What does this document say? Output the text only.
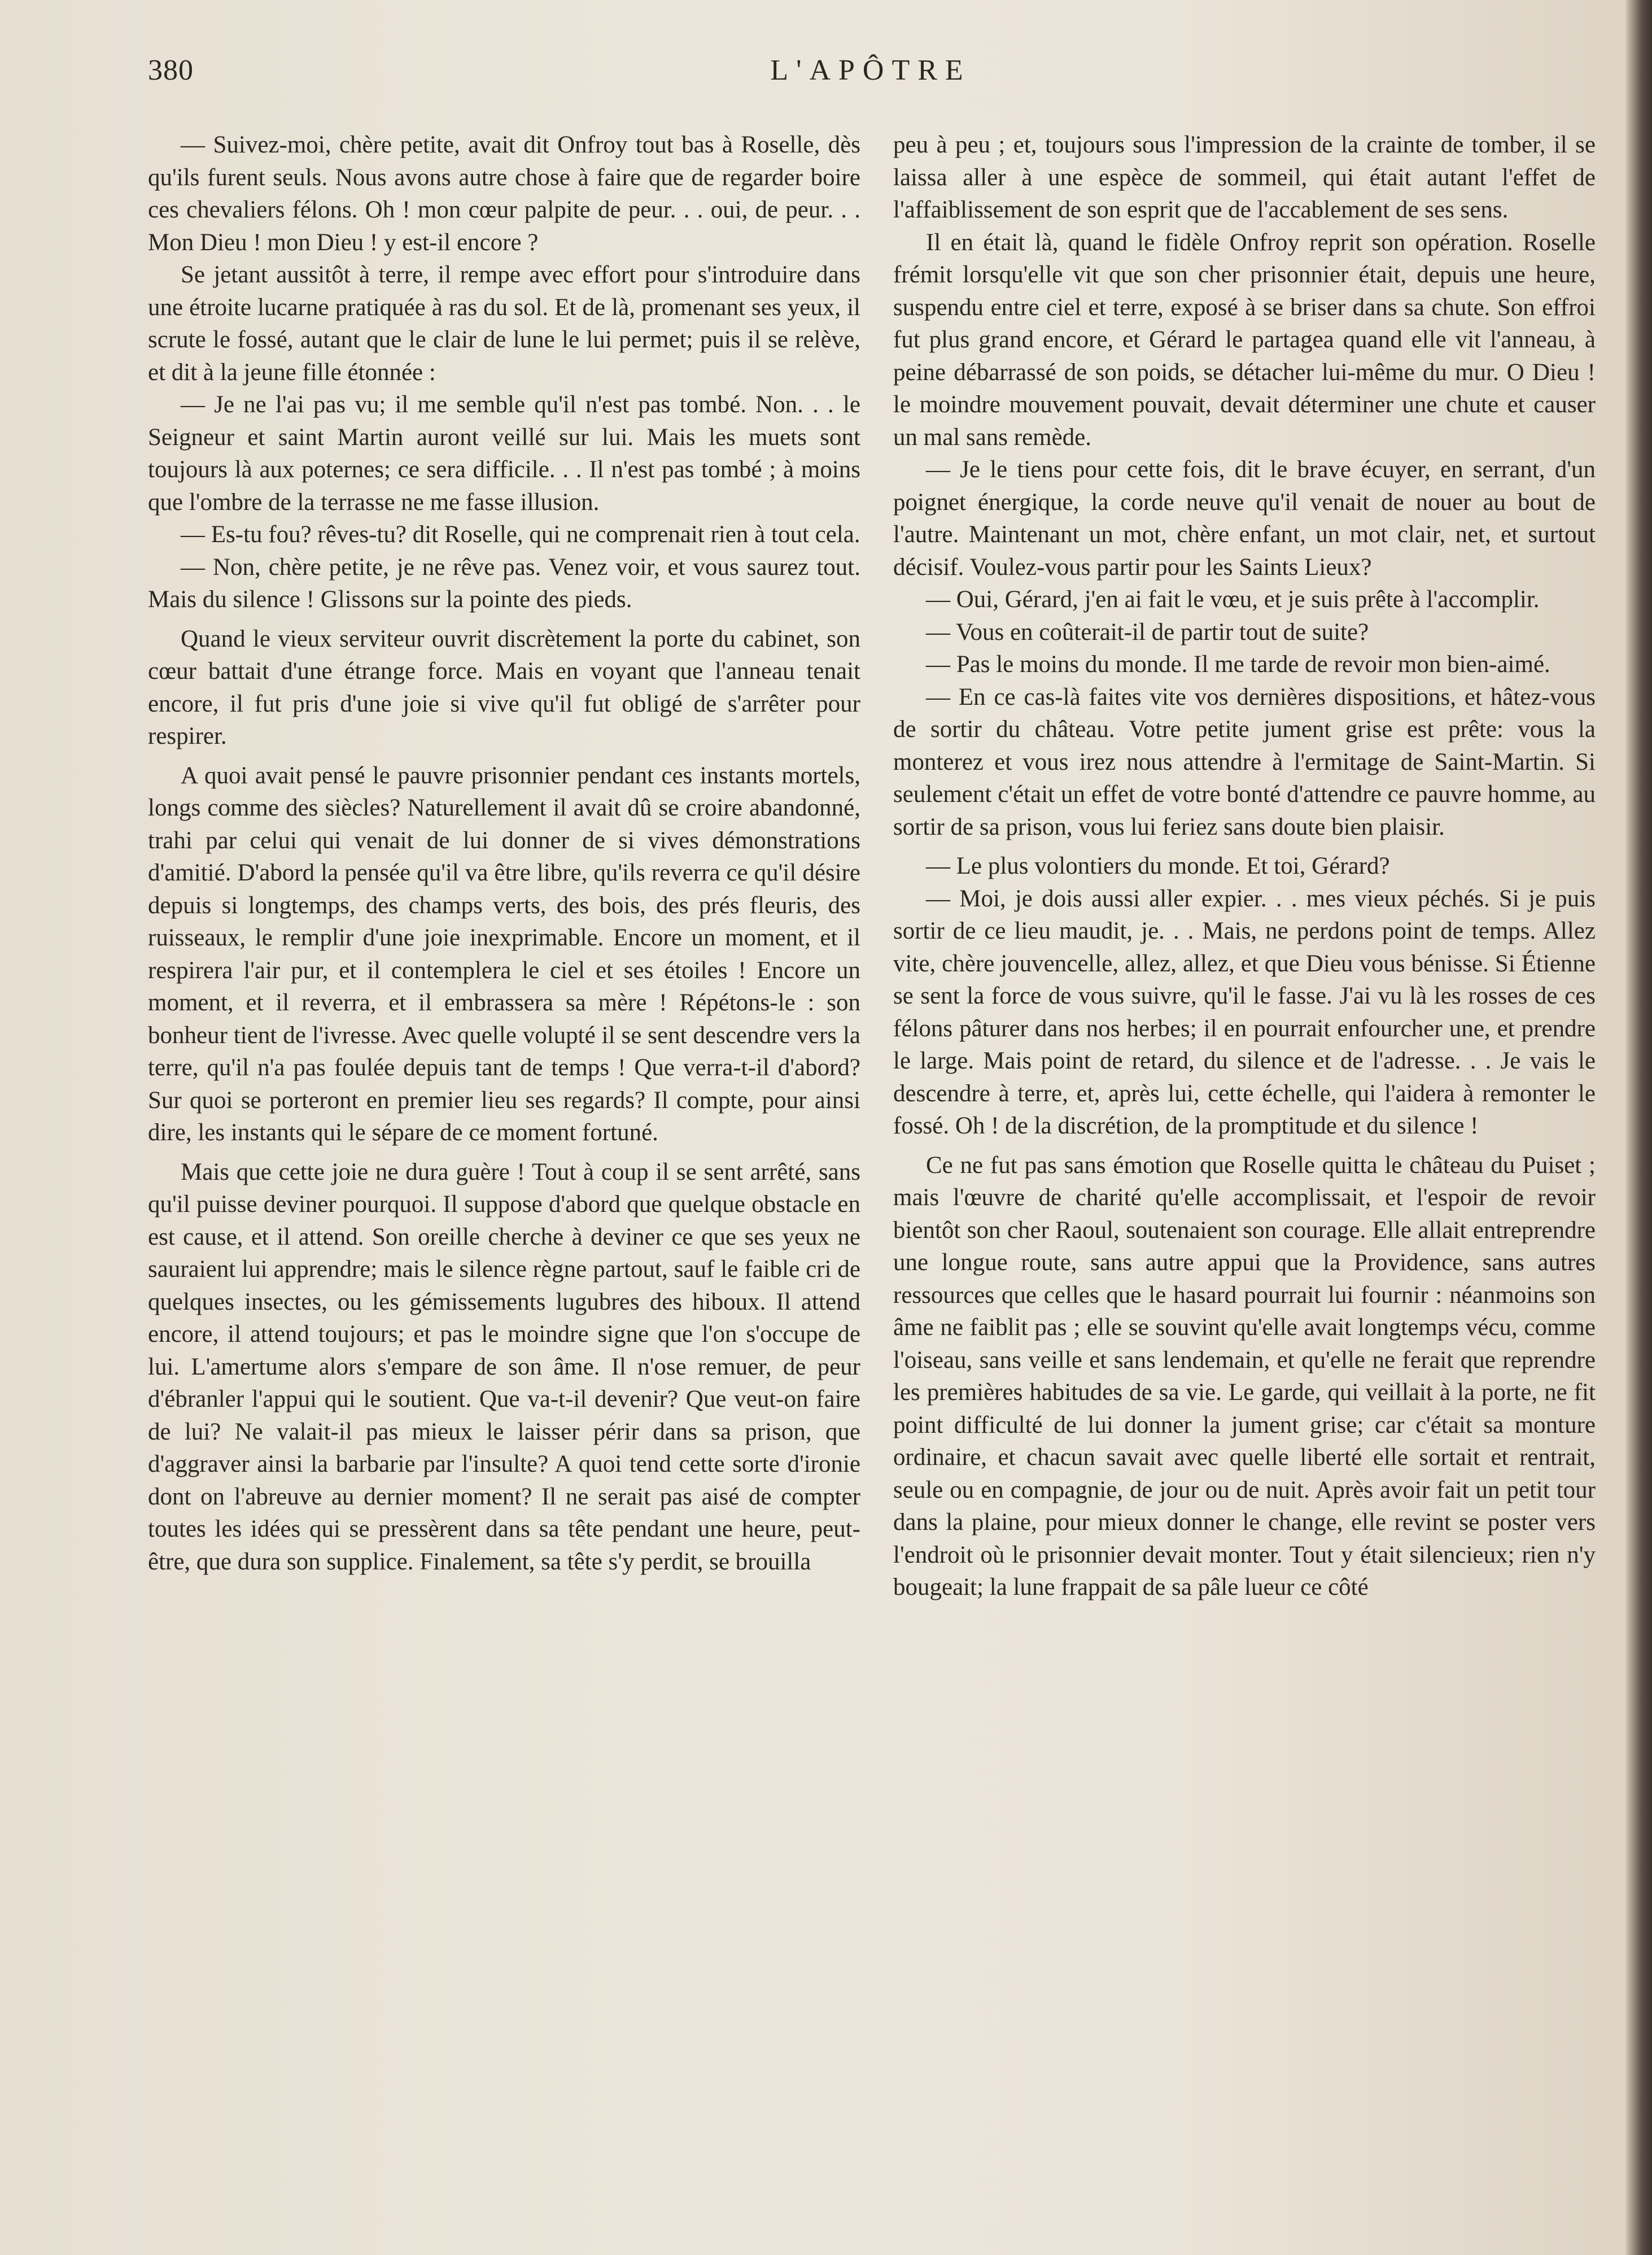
380	L'APÔTRE

— Suivez-moi, chère petite, avait dit Onfroy tout bas à Roselle, dès qu'ils furent seuls. Nous avons autre chose à faire que de regarder boire ces chevaliers félons. Oh ! mon cœur palpite de peur. . . oui, de peur. . . Mon Dieu ! mon Dieu ! y est-il encore ?

Se jetant aussitôt à terre, il rempe avec effort pour s'introduire dans une étroite lucarne pratiquée à ras du sol. Et de là, promenant ses yeux, il scrute le fossé, autant que le clair de lune le lui permet; puis il se relève, et dit à la jeune fille étonnée :

— Je ne l'ai pas vu; il me semble qu'il n'est pas tombé. Non. . . le Seigneur et saint Martin auront veillé sur lui. Mais les muets sont toujours là aux poternes; ce sera difficile. . . Il n'est pas tombé ; à moins que l'ombre de la terrasse ne me fasse illusion.

— Es-tu fou? rêves-tu? dit Roselle, qui ne comprenait rien à tout cela.

— Non, chère petite, je ne rêve pas. Venez voir, et vous saurez tout. Mais du silence ! Glissons sur la pointe des pieds.

Quand le vieux serviteur ouvrit discrètement la porte du cabinet, son cœur battait d'une étrange force. Mais en voyant que l'anneau tenait encore, il fut pris d'une joie si vive qu'il fut obligé de s'arrêter pour respirer.

A quoi avait pensé le pauvre prisonnier pendant ces instants mortels, longs comme des siècles? Naturellement il avait dû se croire abandonné, trahi par celui qui venait de lui donner de si vives démonstrations d'amitié. D'abord la pensée qu'il va être libre, qu'ils reverra ce qu'il désire depuis si longtemps, des champs verts, des bois, des prés fleuris, des ruisseaux, le remplir d'une joie inexprimable. Encore un moment, et il respirera l'air pur, et il contemplera le ciel et ses étoiles ! Encore un moment, et il reverra, et il embrassera sa mère ! Répétons-le : son bonheur tient de l'ivresse. Avec quelle volupté il se sent descendre vers la terre, qu'il n'a pas foulée depuis tant de temps ! Que verra-t-il d'abord? Sur quoi se porteront en premier lieu ses regards? Il compte, pour ainsi dire, les instants qui le sépare de ce moment fortuné.

Mais que cette joie ne dura guère ! Tout à coup il se sent arrêté, sans qu'il puisse deviner pourquoi. Il suppose d'abord que quelque obstacle en est cause, et il attend. Son oreille cherche à deviner ce que ses yeux ne sauraient lui apprendre; mais le silence règne partout, sauf le faible cri de quelques insectes, ou les gémissements lugubres des hiboux. Il attend encore, il attend toujours; et pas le moindre signe que l'on s'occupe de lui. L'amertume alors s'empare de son âme. Il n'ose remuer, de peur d'ébranler l'appui qui le soutient. Que va-t-il devenir? Que veut-on faire de lui? Ne valait-il pas mieux le laisser périr dans sa prison, que d'aggraver ainsi la barbarie par l'insulte? A quoi tend cette sorte d'ironie dont on l'abreuve au dernier moment? Il ne serait pas aisé de compter toutes les idées qui se pressèrent dans sa tête pendant une heure, peut-être, que dura son supplice. Finalement, sa tête s'y perdit, se brouilla

peu à peu ; et, toujours sous l'impression de la crainte de tomber, il se laissa aller à une espèce de sommeil, qui était autant l'effet de l'affaiblissement de son esprit que de l'accablement de ses sens.

Il en était là, quand le fidèle Onfroy reprit son opération. Roselle frémit lorsqu'elle vit que son cher prisonnier était, depuis une heure, suspendu entre ciel et terre, exposé à se briser dans sa chute. Son effroi fut plus grand encore, et Gérard le partagea quand elle vit l'anneau, à peine débarrassé de son poids, se détacher lui-même du mur. O Dieu ! le moindre mouvement pouvait, devait déterminer une chute et causer un mal sans remède.

— Je le tiens pour cette fois, dit le brave écuyer, en serrant, d'un poignet énergique, la corde neuve qu'il venait de nouer au bout de l'autre. Maintenant un mot, chère enfant, un mot clair, net, et surtout décisif. Voulez-vous partir pour les Saints Lieux?

— Oui, Gérard, j'en ai fait le vœu, et je suis prête à l'accomplir.

— Vous en coûterait-il de partir tout de suite?

— Pas le moins du monde. Il me tarde de revoir mon bien-aimé.

— En ce cas-là faites vite vos dernières dispositions, et hâtez-vous de sortir du château. Votre petite jument grise est prête: vous la monterez et vous irez nous attendre à l'ermitage de Saint-Martin. Si seulement c'était un effet de votre bonté d'attendre ce pauvre homme, au sortir de sa prison, vous lui feriez sans doute bien plaisir.

— Le plus volontiers du monde. Et toi, Gérard?

— Moi, je dois aussi aller expier. . . mes vieux péchés. Si je puis sortir de ce lieu maudit, je. . . Mais, ne perdons point de temps. Allez vite, chère jouvencelle, allez, allez, et que Dieu vous bénisse. Si Étienne se sent la force de vous suivre, qu'il le fasse. J'ai vu là les rosses de ces félons pâturer dans nos herbes; il en pourrait enfourcher une, et prendre le large. Mais point de retard, du silence et de l'adresse. . . Je vais le descendre à terre, et, après lui, cette échelle, qui l'aidera à remonter le fossé. Oh ! de la discrétion, de la promptitude et du silence !

Ce ne fut pas sans émotion que Roselle quitta le château du Puiset ; mais l'œuvre de charité qu'elle accomplissait, et l'espoir de revoir bientôt son cher Raoul, soutenaient son courage. Elle allait entreprendre une longue route, sans autre appui que la Providence, sans autres ressources que celles que le hasard pourrait lui fournir : néanmoins son âme ne faiblit pas ; elle se souvint qu'elle avait longtemps vécu, comme l'oiseau, sans veille et sans lendemain, et qu'elle ne ferait que reprendre les premières habitudes de sa vie. Le garde, qui veillait à la porte, ne fit point difficulté de lui donner la jument grise; car c'était sa monture ordinaire, et chacun savait avec quelle liberté elle sortait et rentrait, seule ou en compagnie, de jour ou de nuit. Après avoir fait un petit tour dans la plaine, pour mieux donner le change, elle revint se poster vers l'endroit où le prisonnier devait monter. Tout y était silencieux; rien n'y bougeait; la lune frappait de sa pâle lueur ce côté
